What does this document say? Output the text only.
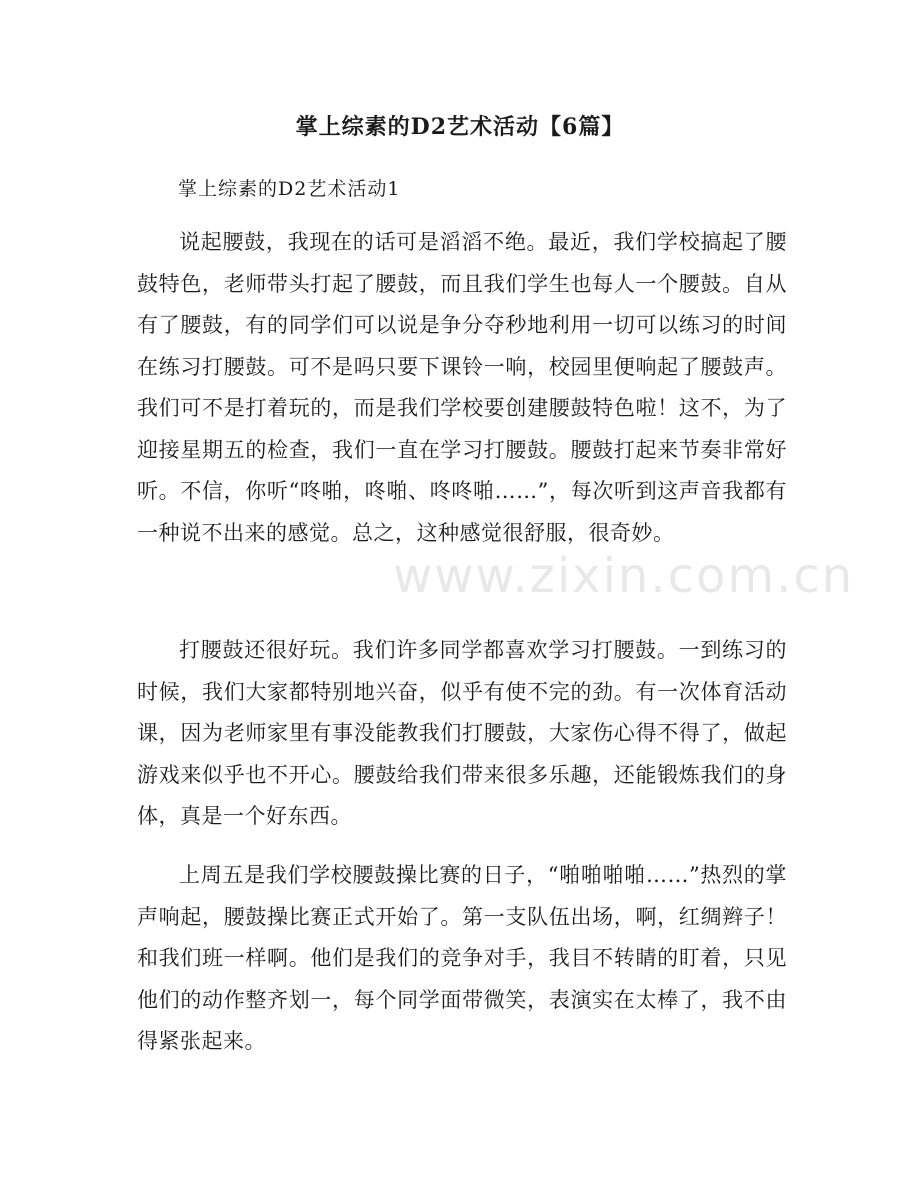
掌上综素的D2艺术活动【6篇】

掌上综素的D2艺术活动1

说起腰鼓，我现在的话可是滔滔不绝。最近，我们学校搞起了腰鼓特色，老师带头打起了腰鼓，而且我们学生也每人一个腰鼓。自从有了腰鼓，有的同学们可以说是争分夺秒地利用一切可以练习的时间在练习打腰鼓。可不是吗只要下课铃一响，校园里便响起了腰鼓声。我们可不是打着玩的，而是我们学校要创建腰鼓特色啦！这不，为了迎接星期五的检查，我们一直在学习打腰鼓。腰鼓打起来节奏非常好听。不信，你听“咚啪，咚啪、咚咚啪……”，每次听到这声音我都有一种说不出来的感觉。总之，这种感觉很舒服，很奇妙。

打腰鼓还很好玩。我们许多同学都喜欢学习打腰鼓。一到练习的时候，我们大家都特别地兴奋，似乎有使不完的劲。有一次体育活动课，因为老师家里有事没能教我们打腰鼓，大家伤心得不得了，做起游戏来似乎也不开心。腰鼓给我们带来很多乐趣，还能锻炼我们的身体，真是一个好东西。

上周五是我们学校腰鼓操比赛的日子，“啪啪啪啪……”热烈的掌声响起，腰鼓操比赛正式开始了。第一支队伍出场，啊，红绸辫子！和我们班一样啊。他们是我们的竞争对手，我目不转睛的盯着，只见他们的动作整齐划一，每个同学面带微笑，表演实在太棒了，我不由得紧张起来。

www.zixin.com.cn
